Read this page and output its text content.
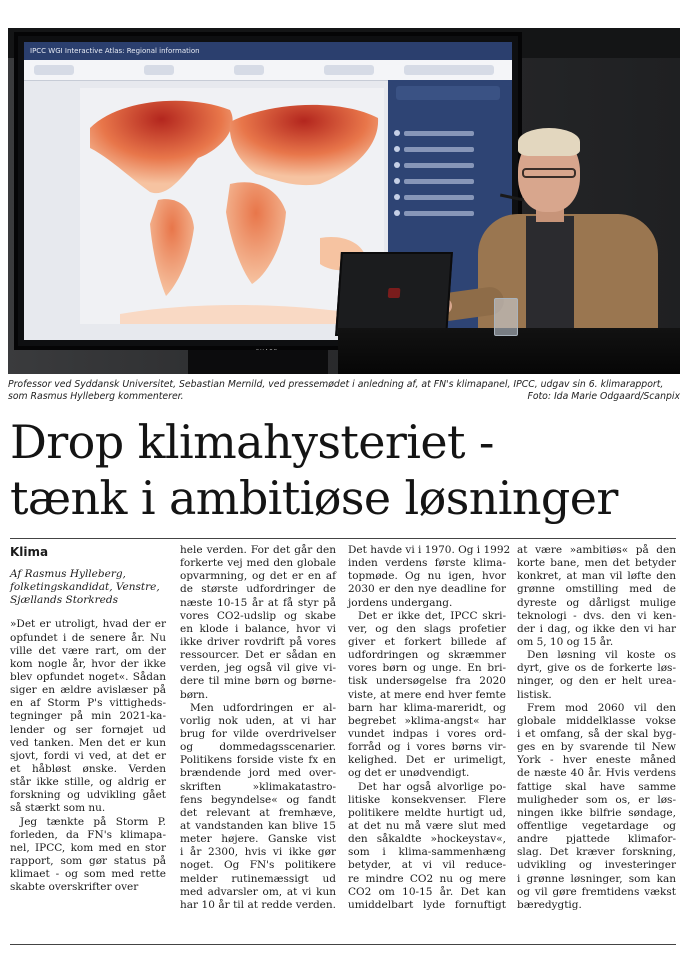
IPCC WGI Interactive Atlas: Regional information
Professor ved Syddansk Universitet, Sebastian Mernild, ved pressemødet i anledning af, at FN's klimapanel, IPCC, udgav sin 6. klimarapport,
som Rasmus Hylleberg kommenterer.	Foto: Ida Marie Odgaard/Scanpix
Drop klimahysteriet -
tænk i ambitiøse løsninger
Klima
Af Rasmus Hylleberg,
folketingskandidat, Venstre,
Sjællands Storkreds
»Det er utroligt, hvad der er
opfundet i de senere år. Nu
ville det være rart, om der
kom nogle år, hvor der ikke
blev opfundet noget«. Sådan
siger en ældre avislæser på
en af Storm P's vittigheds-
tegninger på min 2021-ka-
lender og ser fornøjet ud
ved tanken. Men det er kun
sjovt, fordi vi ved, at det er
et håbløst ønske. Verden
står ikke stille, og aldrig er
forskning og udvikling gået
så stærkt som nu.
Jeg tænkte på Storm P.
forleden, da FN's klimapa-
nel, IPCC, kom med en stor
rapport, som gør status på
klimaet - og som med rette
skabte overskrifter over
hele verden. For det går den
forkerte vej med den globale
opvarmning, og det er en af
de største udfordringer de
næste 10-15 år at få styr på
vores CO2-udslip og skabe
en klode i balance, hvor vi
ikke driver rovdrift på vores
ressourcer. Det er sådan en
verden, jeg også vil give vi-
dere til mine børn og børne-
børn.
Men udfordringen er al-
vorlig nok uden, at vi har
brug for vilde overdrivelser
og dommedagsscenarier.
Politikens forside viste fx en
brændende jord med over-
skriften »klimakatastro-
fens begyndelse« og fandt
det relevant at fremhæve,
at vandstanden kan blive 15
meter højere. Ganske vist
i år 2300, hvis vi ikke gør
noget. Og FN's politikere
melder rutinemæssigt ud
med advarsler om, at vi kun
har 10 år til at redde verden.
Det havde vi i 1970. Og i 1992
inden verdens første klima-
topmøde. Og nu igen, hvor
2030 er den nye deadline for
jordens undergang.
Det er ikke det, IPCC skri-
ver, og den slags profetier
giver et forkert billede af
udfordringen og skræmmer
vores børn og unge. En bri-
tisk undersøgelse fra 2020
viste, at mere end hver femte
barn har klima-mareridt, og
begrebet »klima-angst« har
vundet indpas i vores ord-
forråd og i vores børns vir-
kelighed. Det er urimeligt,
og det er unødvendigt.
Det har også alvorlige po-
litiske konsekvenser. Flere
politikere meldte hurtigt ud,
at det nu må være slut med
den såkaldte »hockeystav«,
som i klima-sammenhæng
betyder, at vi vil reduce-
re mindre CO2 nu og mere
CO2 om 10-15 år. Det kan
umiddelbart lyde fornuftigt
at være »ambitiøs« på den
korte bane, men det betyder
konkret, at man vil løfte den
grønne omstilling med de
dyreste og dårligst mulige
teknologi - dvs. den vi ken-
der i dag, og ikke den vi har
om 5, 10 og 15 år.
Den løsning vil koste os
dyrt, give os de forkerte løs-
ninger, og den er helt urea-
listisk.
Frem mod 2060 vil den
globale middelklasse vokse
i et omfang, så der skal byg-
ges en by svarende til New
York - hver eneste måned
de næste 40 år. Hvis verdens
fattige skal have samme
muligheder som os, er løs-
ningen ikke bilfrie søndage,
offentlige vegetardage og
andre pjattede klimafor-
slag. Det kræver forskning,
udvikling og investeringer
i grønne løsninger, som kan
og vil gøre fremtidens vækst
bæredygtig.
